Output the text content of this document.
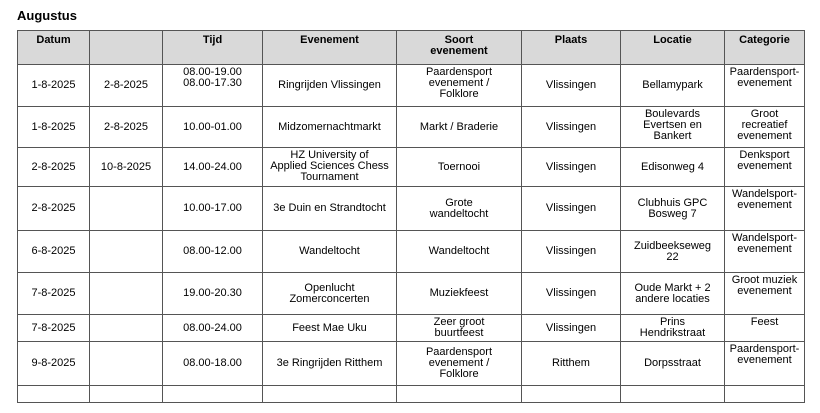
Augustus
Datum		Tijd	Evenement	Soort
evenement	Plaats	Locatie	Categorie

1-8-2025	2-8-2025	08.00-19.00
08.00-17.30	Ringrijden Vlissingen	Paardensport
evenement /
Folklore	Vlissingen	Bellamypark	Paardensport-
evenement

1-8-2025	2-8-2025	10.00-01.00	Midzomernachtmarkt	Markt / Braderie	Vlissingen	Boulevards
Evertsen en
Bankert	Groot recreatief
evenement

2-8-2025	10-8-2025	14.00-24.00	HZ University of
Applied Sciences Chess
Tournament	Toernooi	Vlissingen	Edisonweg 4	Denksport
evenement

2-8-2025		10.00-17.00	3e Duin en Strandtocht	Grote
wandeltocht	Vlissingen	Clubhuis GPC
Bosweg 7	Wandelsport-
evenement

6-8-2025		08.00-12.00	Wandeltocht	Wandeltocht	Vlissingen	Zuidbeekseweg
22	Wandelsport-
evenement

7-8-2025		19.00-20.30	Openlucht
Zomerconcerten	Muziekfeest	Vlissingen	Oude Markt + 2
andere locaties	Groot muziek
evenement

7-8-2025		08.00-24.00	Feest Mae Uku	Zeer groot
buurtfeest	Vlissingen	Prins
Hendrikstraat	Feest

9-8-2025		08.00-18.00	3e Ringrijden Ritthem	Paardensport
evenement /
Folklore	Ritthem	Dorpsstraat	Paardensport-
evenement
